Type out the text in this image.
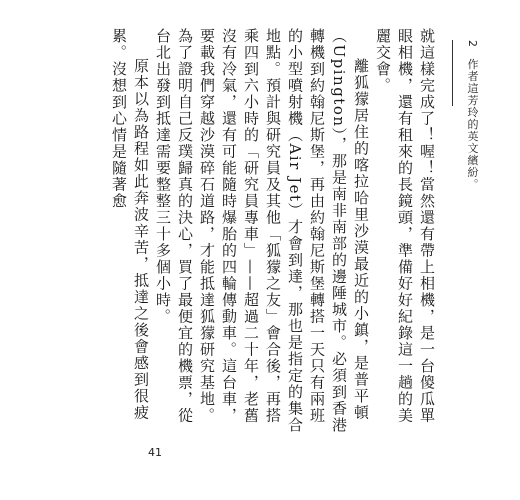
2 作者這芳玲的英文繽紛。

就這樣完成了！喔！當然還有帶上相機，是一台傻瓜單眼相機，還有租來的長鏡頭，準備好好紀錄這一趟的美麗交會。

離狐獴居住的喀拉哈里沙漠最近的小鎮，是普平頓（Upington），那是南非南部的邊陲城市。必須到香港轉機到約翰尼斯堡，再由約翰尼斯堡轉搭一天只有兩班的小型噴射機（Air Jet）才會到達，那也是指定的集合地點。預計與研究員及其他「狐獴之友」會合後，再搭乘四到六小時的「研究員專車」——超過二十年，老舊沒有冷氣，還有可能隨時爆胎的四輪傳動車。這台車，要載我們穿越沙漠碎石道路，才能抵達狐獴研究基地。為了證明自己反璞歸真的決心，買了最便宜的機票，從台北出發到抵達需要整整三十多個小時。

原本以為路程如此奔波辛苦，抵達之後會感到很疲累。沒想到心情是隨著愈

41
